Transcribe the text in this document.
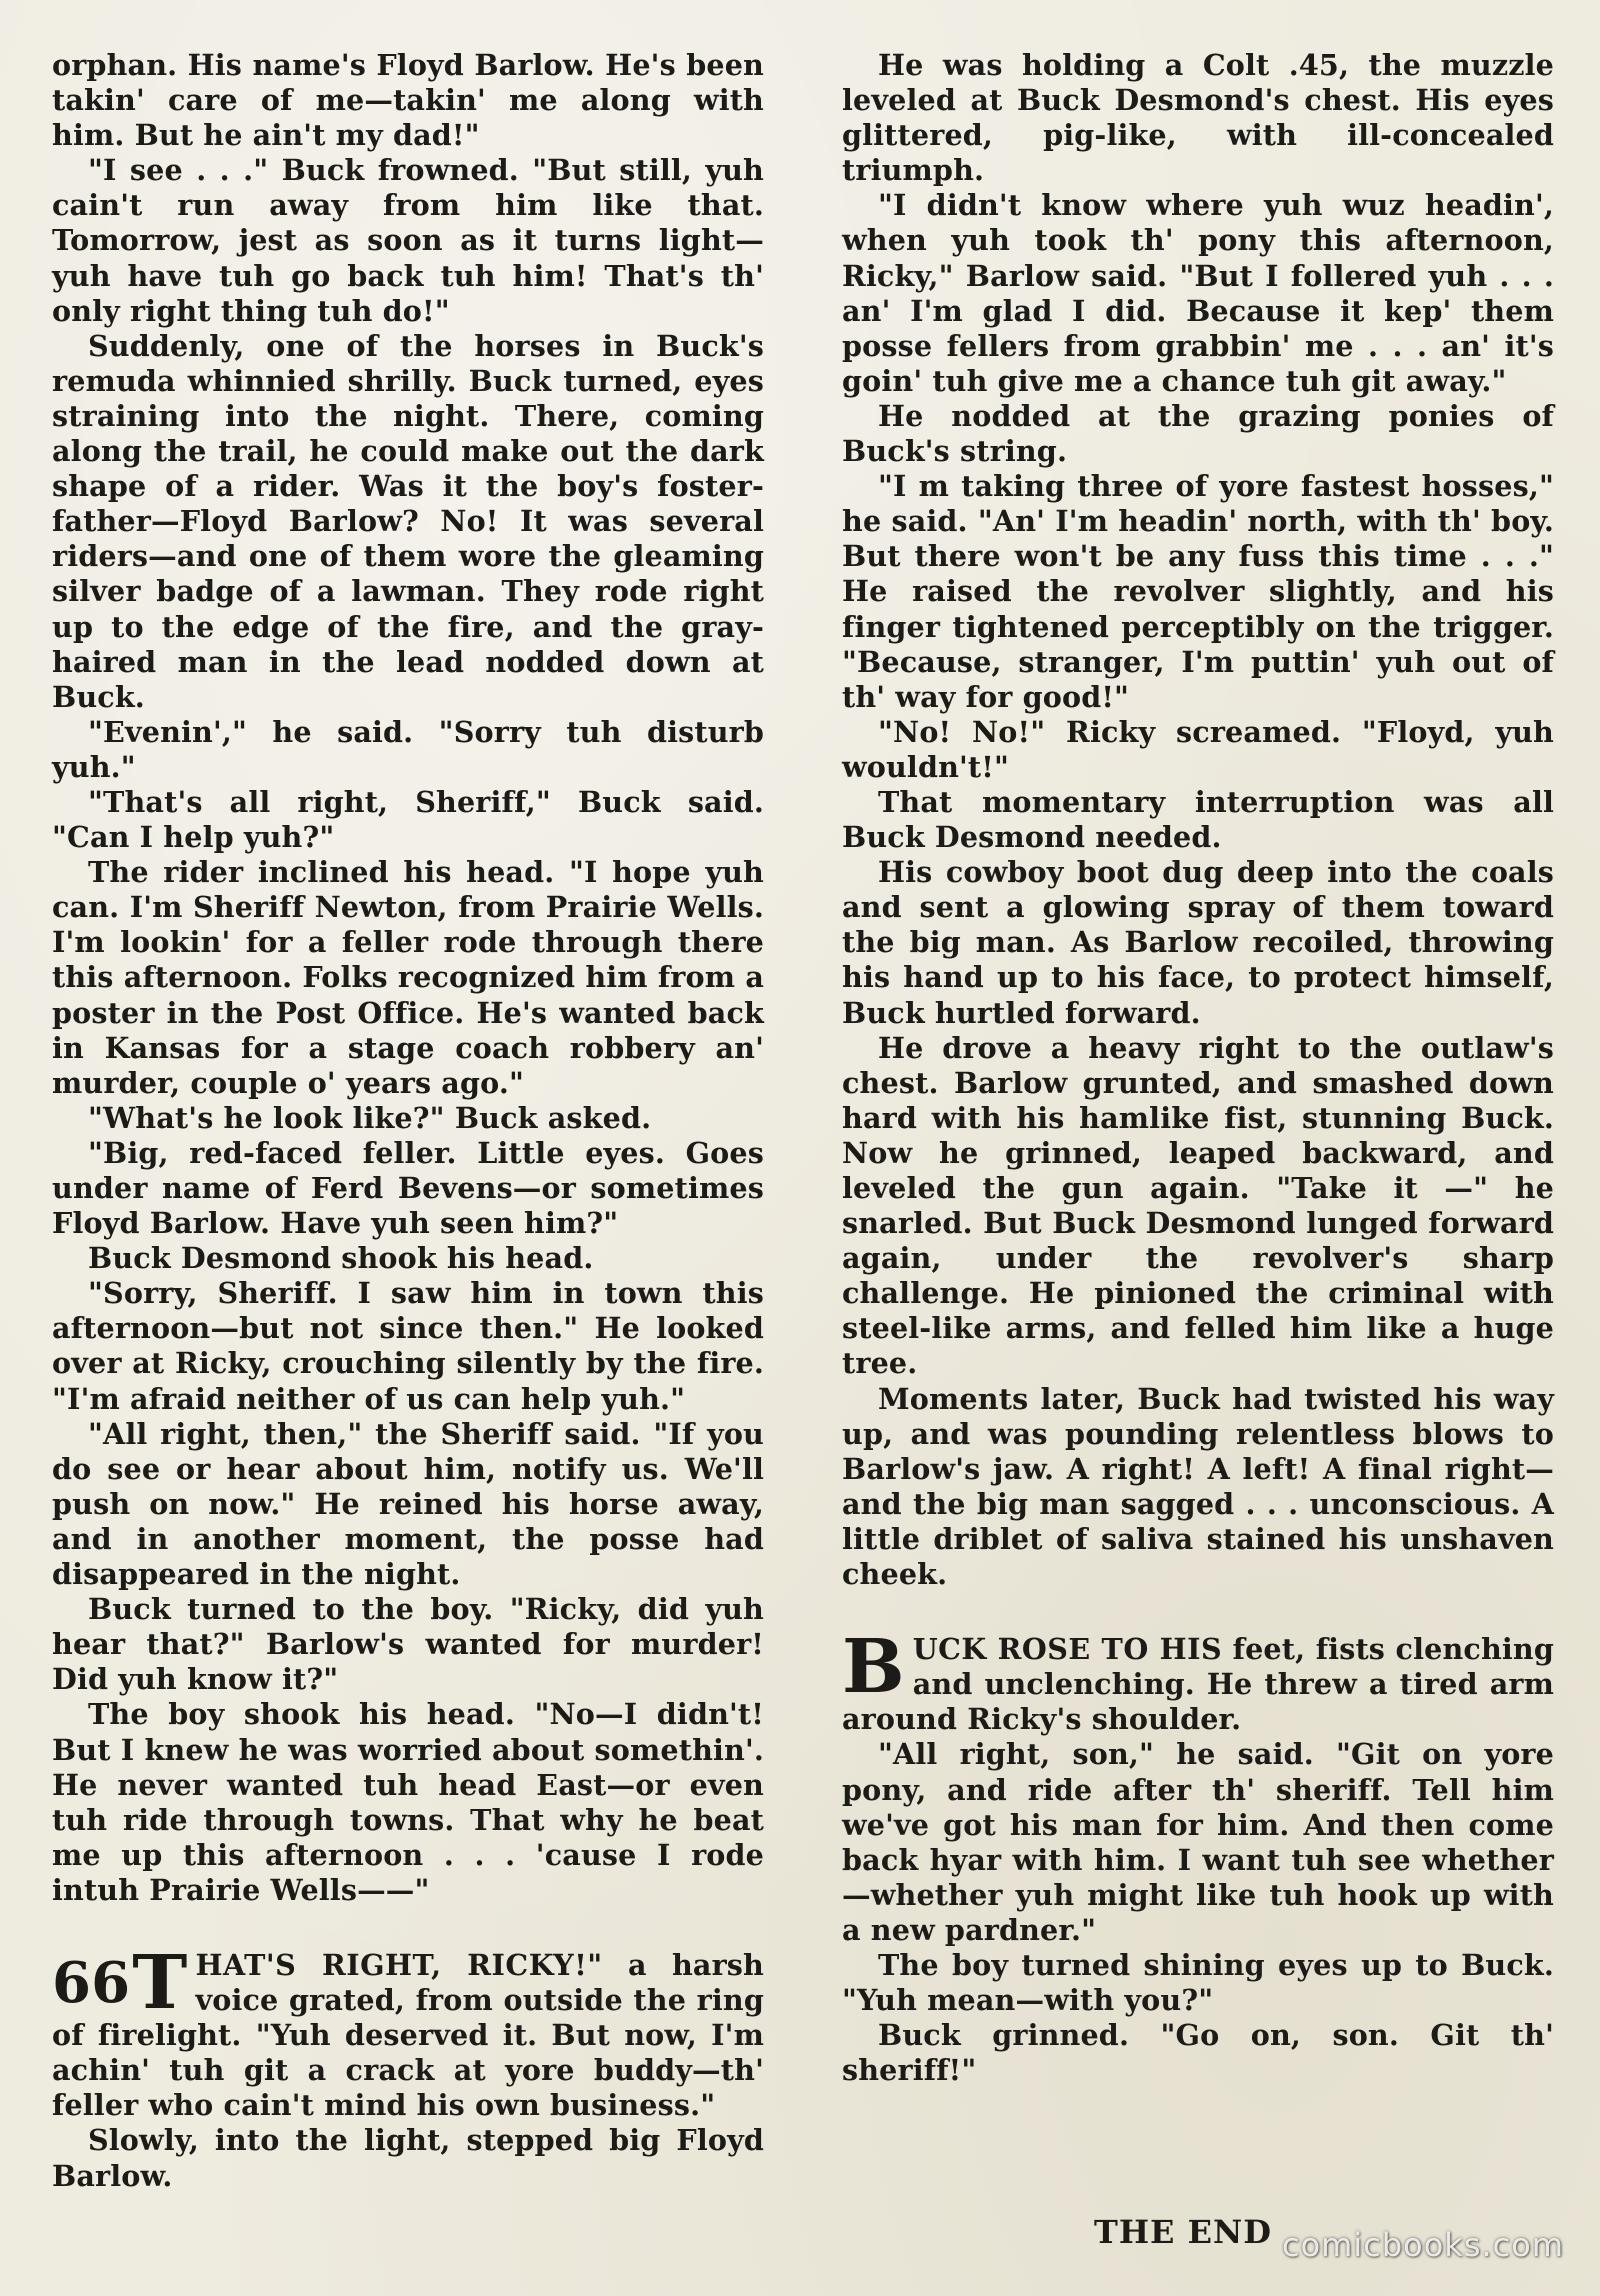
orphan. His name's Floyd Barlow. He's been takin' care of me—takin' me along with him. But he ain't my dad!"

"I see . . ." Buck frowned. "But still, yuh cain't run away from him like that. Tomorrow, jest as soon as it turns light—yuh have tuh go back tuh him! That's th' only right thing tuh do!"

Suddenly, one of the horses in Buck's remuda whinnied shrilly. Buck turned, eyes straining into the night. There, coming along the trail, he could make out the dark shape of a rider. Was it the boy's foster-father—Floyd Barlow? No! It was several riders—and one of them wore the gleaming silver badge of a lawman. They rode right up to the edge of the fire, and the gray-haired man in the lead nodded down at Buck.

"Evenin'," he said. "Sorry tuh disturb yuh."

"That's all right, Sheriff," Buck said. "Can I help yuh?"

The rider inclined his head. "I hope yuh can. I'm Sheriff Newton, from Prairie Wells. I'm lookin' for a feller rode through there this afternoon. Folks recognized him from a poster in the Post Office. He's wanted back in Kansas for a stage coach robbery an' murder, couple o' years ago."

"What's he look like?" Buck asked.

"Big, red-faced feller. Little eyes. Goes under name of Ferd Bevens—or sometimes Floyd Barlow. Have yuh seen him?"

Buck Desmond shook his head.

"Sorry, Sheriff. I saw him in town this afternoon—but not since then." He looked over at Ricky, crouching silently by the fire. "I'm afraid neither of us can help yuh."

"All right, then," the Sheriff said. "If you do see or hear about him, notify us. We'll push on now." He reined his horse away, and in another moment, the posse had disappeared in the night.

Buck turned to the boy. "Ricky, did yuh hear that?" Barlow's wanted for murder! Did yuh know it?"

The boy shook his head. "No—I didn't! But I knew he was worried about somethin'. He never wanted tuh head East—or even tuh ride through towns. That why he beat me up this afternoon . . . 'cause I rode intuh Prairie Wells——"

66 T HAT'S RIGHT, RICKY!" a harsh voice grated, from outside the ring of firelight. "Yuh deserved it. But now, I'm achin' tuh git a crack at yore buddy—th' feller who cain't mind his own business."

Slowly, into the light, stepped big Floyd Barlow.

He was holding a Colt .45, the muzzle leveled at Buck Desmond's chest. His eyes glittered, pig-like, with ill-concealed triumph.

"I didn't know where yuh wuz headin', when yuh took th' pony this afternoon, Ricky," Barlow said. "But I follered yuh . . . an' I'm glad I did. Because it kep' them posse fellers from grabbin' me . . . an' it's goin' tuh give me a chance tuh git away."

He nodded at the grazing ponies of Buck's string.

"I m taking three of yore fastest hosses," he said. "An' I'm headin' north, with th' boy. But there won't be any fuss this time . . ." He raised the revolver slightly, and his finger tightened perceptibly on the trigger. "Because, stranger, I'm puttin' yuh out of th' way for good!"

"No! No!" Ricky screamed. "Floyd, yuh wouldn't!"

That momentary interruption was all Buck Desmond needed.

His cowboy boot dug deep into the coals and sent a glowing spray of them toward the big man. As Barlow recoiled, throwing his hand up to his face, to protect himself, Buck hurtled forward.

He drove a heavy right to the outlaw's chest. Barlow grunted, and smashed down hard with his hamlike fist, stunning Buck. Now he grinned, leaped backward, and leveled the gun again. "Take it —" he snarled. But Buck Desmond lunged forward again, under the revolver's sharp challenge. He pinioned the criminal with steel-like arms, and felled him like a huge tree.

Moments later, Buck had twisted his way up, and was pounding relentless blows to Barlow's jaw. A right! A left! A final right—and the big man sagged . . . unconscious. A little driblet of saliva stained his unshaven cheek.

BUCK ROSE TO HIS feet, fists clenching and unclenching. He threw a tired arm around Ricky's shoulder.

"All right, son," he said. "Git on yore pony, and ride after th' sheriff. Tell him we've got his man for him. And then come back hyar with him. I want tuh see whether—whether yuh might like tuh hook up with a new pardner."

The boy turned shining eyes up to Buck. "Yuh mean—with you?"

Buck grinned. "Go on, son. Git th' sheriff!"

THE END comicbooks.com
